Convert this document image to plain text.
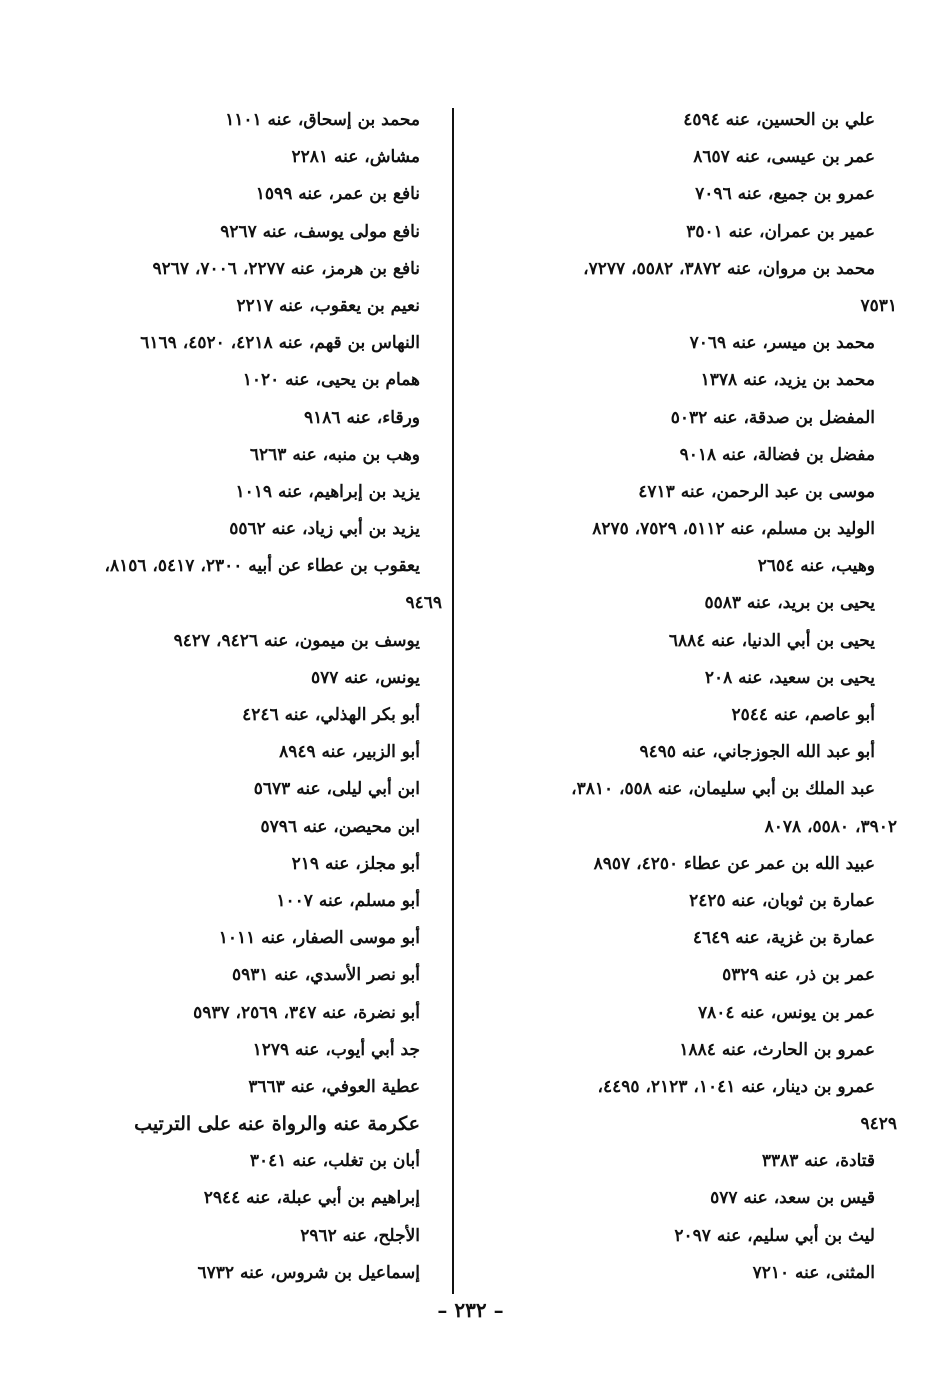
علي بن الحسين، عنه ٤٥٩٤
عمر بن عيسى، عنه ٨٦٥٧
عمرو بن جميع، عنه ٧٠٩٦
عمير بن عمران، عنه ٣٥٠١
محمد بن مروان، عنه ٣٨٧٢، ٥٥٨٢، ٧٢٧٧،
٧٥٣١
محمد بن ميسر، عنه ٧٠٦٩
محمد بن يزيد، عنه ١٣٧٨
المفضل بن صدقة، عنه ٥٠٣٢
مفضل بن فضالة، عنه ٩٠١٨
موسى بن عبد الرحمن، عنه ٤٧١٣
الوليد بن مسلم، عنه ٥١١٢، ٧٥٢٩، ٨٢٧٥
وهيب، عنه ٢٦٥٤
يحيى بن بريد، عنه ٥٥٨٣
يحيى بن أبي الدنيا، عنه ٦٨٨٤
يحيى بن سعيد، عنه ٢٠٨
أبو عاصم، عنه ٢٥٤٤
أبو عبد الله الجوزجاني، عنه ٩٤٩٥
عبد الملك بن أبي سليمان، عنه ٥٥٨، ٣٨١٠،
٣٩٠٢، ٥٥٨٠، ٨٠٧٨
عبيد الله بن عمر عن عطاء ٤٢٥٠، ٨٩٥٧
عمارة بن ثوبان، عنه ٢٤٢٥
عمارة بن غزية، عنه ٤٦٤٩
عمر بن ذر، عنه ٥٣٢٩
عمر بن يونس، عنه ٧٨٠٤
عمرو بن الحارث، عنه ١٨٨٤
عمرو بن دينار، عنه ١٠٤١، ٢١٢٣، ٤٤٩٥،
٩٤٢٩
قتادة، عنه ٣٣٨٣
قيس بن سعد، عنه ٥٧٧
ليث بن أبي سليم، عنه ٢٠٩٧
المثنى، عنه ٧٢١٠
محمد بن إسحاق، عنه ١١٠١
مشاش، عنه ٢٢٨١
نافع بن عمر، عنه ١٥٩٩
نافع مولى يوسف، عنه ٩٢٦٧
نافع بن هرمز، عنه ٢٢٧٧، ٧٠٠٦، ٩٢٦٧
نعيم بن يعقوب، عنه ٢٢١٧
النهاس بن قهم، عنه ٤٢١٨، ٤٥٢٠، ٦١٦٩
همام بن يحيى، عنه ١٠٢٠
ورقاء، عنه ٩١٨٦
وهب بن منبه، عنه ٦٢٦٣
يزيد بن إبراهيم، عنه ١٠١٩
يزيد بن أبي زياد، عنه ٥٥٦٢
يعقوب بن عطاء عن أبيه ٢٣٠٠، ٥٤١٧، ٨١٥٦،
٩٤٦٩
يوسف بن ميمون، عنه ٩٤٢٦، ٩٤٢٧
يونس، عنه ٥٧٧
أبو بكر الهذلي، عنه ٤٢٤٦
أبو الزبير، عنه ٨٩٤٩
ابن أبي ليلى، عنه ٥٦٧٣
ابن محيصن، عنه ٥٧٩٦
أبو مجلز، عنه ٢١٩
أبو مسلم، عنه ١٠٠٧
أبو موسى الصفار، عنه ١٠١١
أبو نصر الأسدي، عنه ٥٩٣١
أبو نضرة، عنه ٣٤٧، ٢٥٦٩، ٥٩٣٧
جد أبي أيوب، عنه ١٢٧٩
عطية العوفي، عنه ٣٦٦٣
عكرمة عنه والرواة عنه على الترتيب
أبان بن تغلب، عنه ٣٠٤١
إبراهيم بن أبي عبلة، عنه ٢٩٤٤
الأجلح، عنه ٢٩٦٢
إسماعيل بن شروس، عنه ٦٧٣٢
– ٢٣٢ –
